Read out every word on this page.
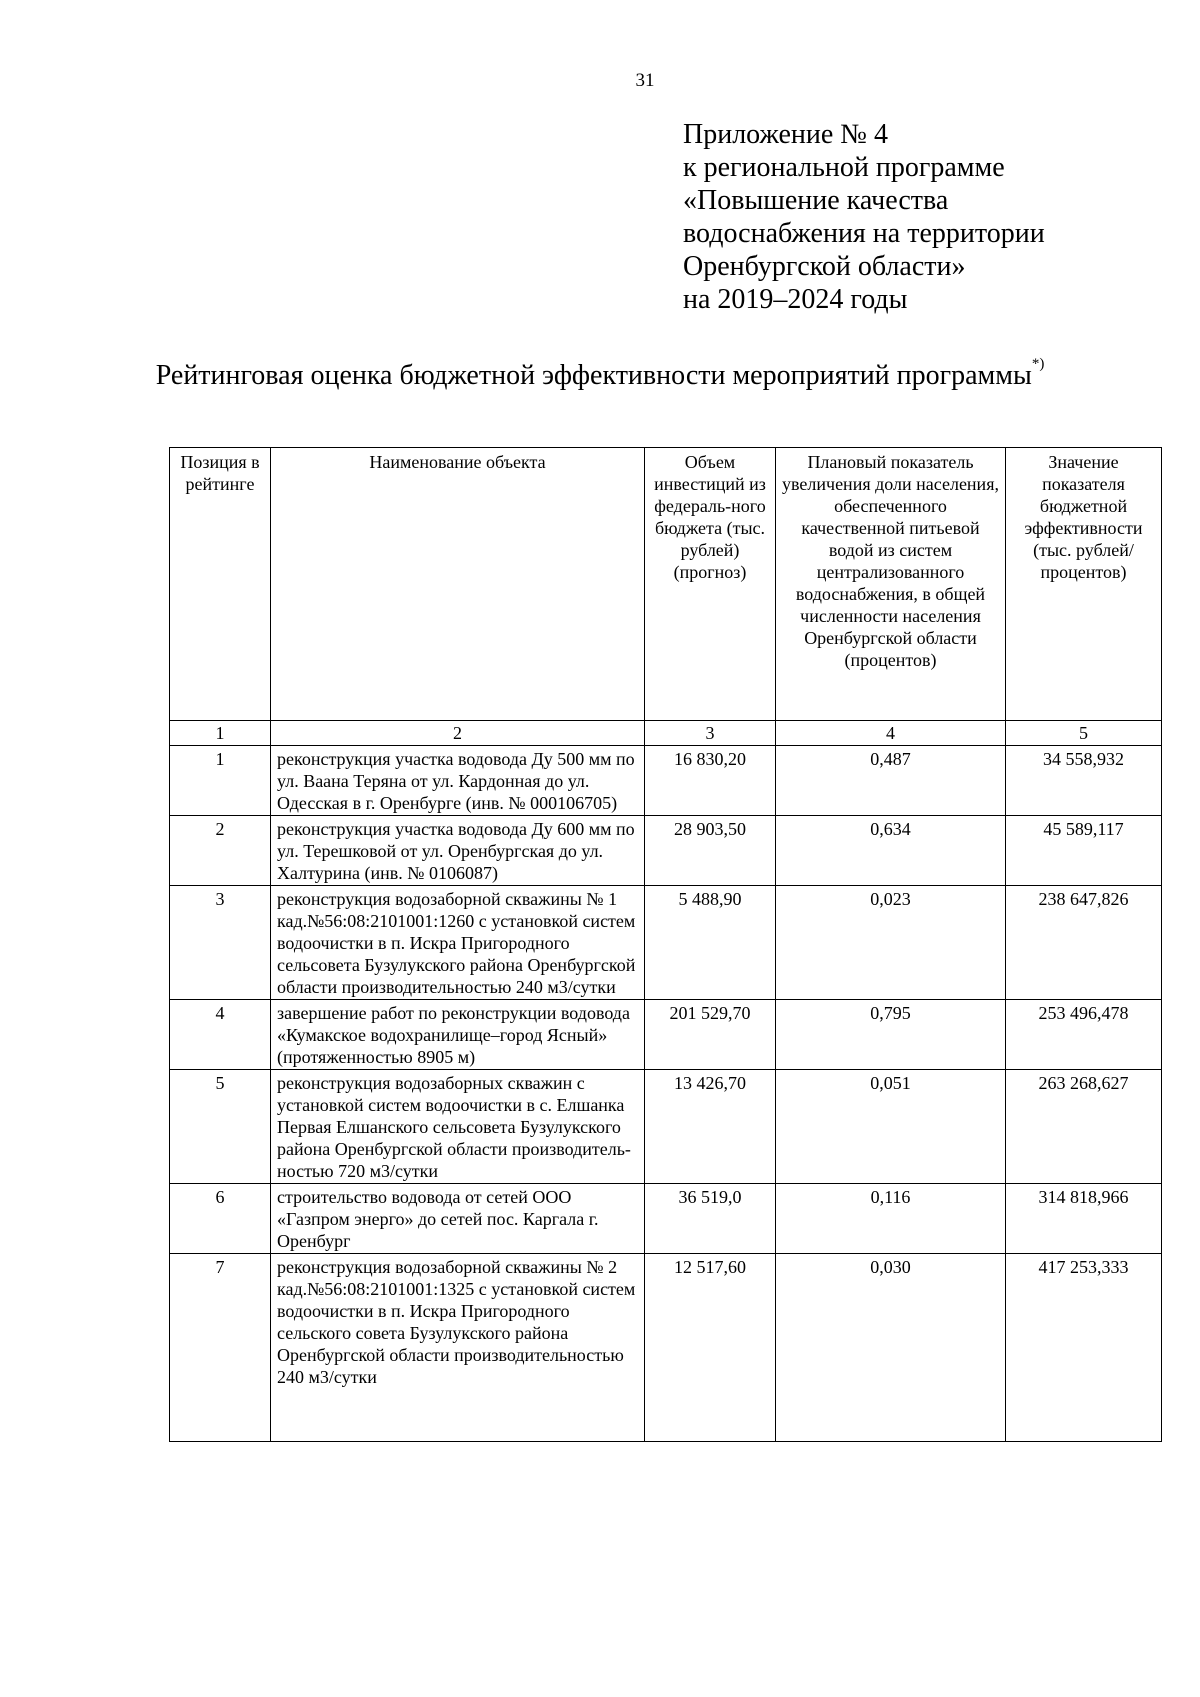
31
Приложение № 4
к региональной программе
«Повышение качества
водоснабжения на территории
Оренбургской области»
на 2019–2024 годы
Рейтинговая оценка бюджетной эффективности мероприятий программы*)
Позиция в рейтинге	Наименование объекта	Объем инвестиций из федераль-ного бюджета (тыс. рублей) (прогноз)	Плановый показатель увеличения доли населения, обеспеченного качественной питьевой водой из систем централизованного водоснабжения, в общей численности населения Оренбургской области (процентов)	Значение показателя бюджетной эффективности (тыс. рублей/ процентов)
1	2	3	4	5
1	реконструкция участка водовода Ду 500 мм по ул. Ваана Теряна от ул. Кардонная до ул. Одесская в г. Оренбурге (инв. № 000106705)	16 830,20	0,487	34 558,932
2	реконструкция участка водовода Ду 600 мм по ул. Терешковой от ул. Оренбургская до ул. Халтурина (инв. № 0106087)	28 903,50	0,634	45 589,117
3	реконструкция водозаборной скважины № 1 кад.№56:08:2101001:1260 с установкой систем водоочистки в п. Искра Пригородного сельсовета Бузулукского района Оренбургской области производительностью 240 м3/сутки	5 488,90	0,023	238 647,826
4	завершение работ по реконструкции водовода «Кумакское водохранилище–город Ясный» (протяженностью 8905 м)	201 529,70	0,795	253 496,478
5	реконструкция водозаборных скважин с установкой систем водоочистки в с. Елшанка Первая Елшанского сельсовета Бузулукского района Оренбургской области производитель-ностью 720 м3/сутки	13 426,70	0,051	263 268,627
6	строительство водовода от сетей ООО «Газпром энерго» до сетей пос. Каргала г. Оренбург	36 519,0	0,116	314 818,966
7	реконструкция водозаборной скважины № 2 кад.№56:08:2101001:1325 с установкой систем водоочистки в п. Искра Пригородного сельского совета Бузулукского района Оренбургской области производительностью 240 м3/сутки	12 517,60	0,030	417 253,333
